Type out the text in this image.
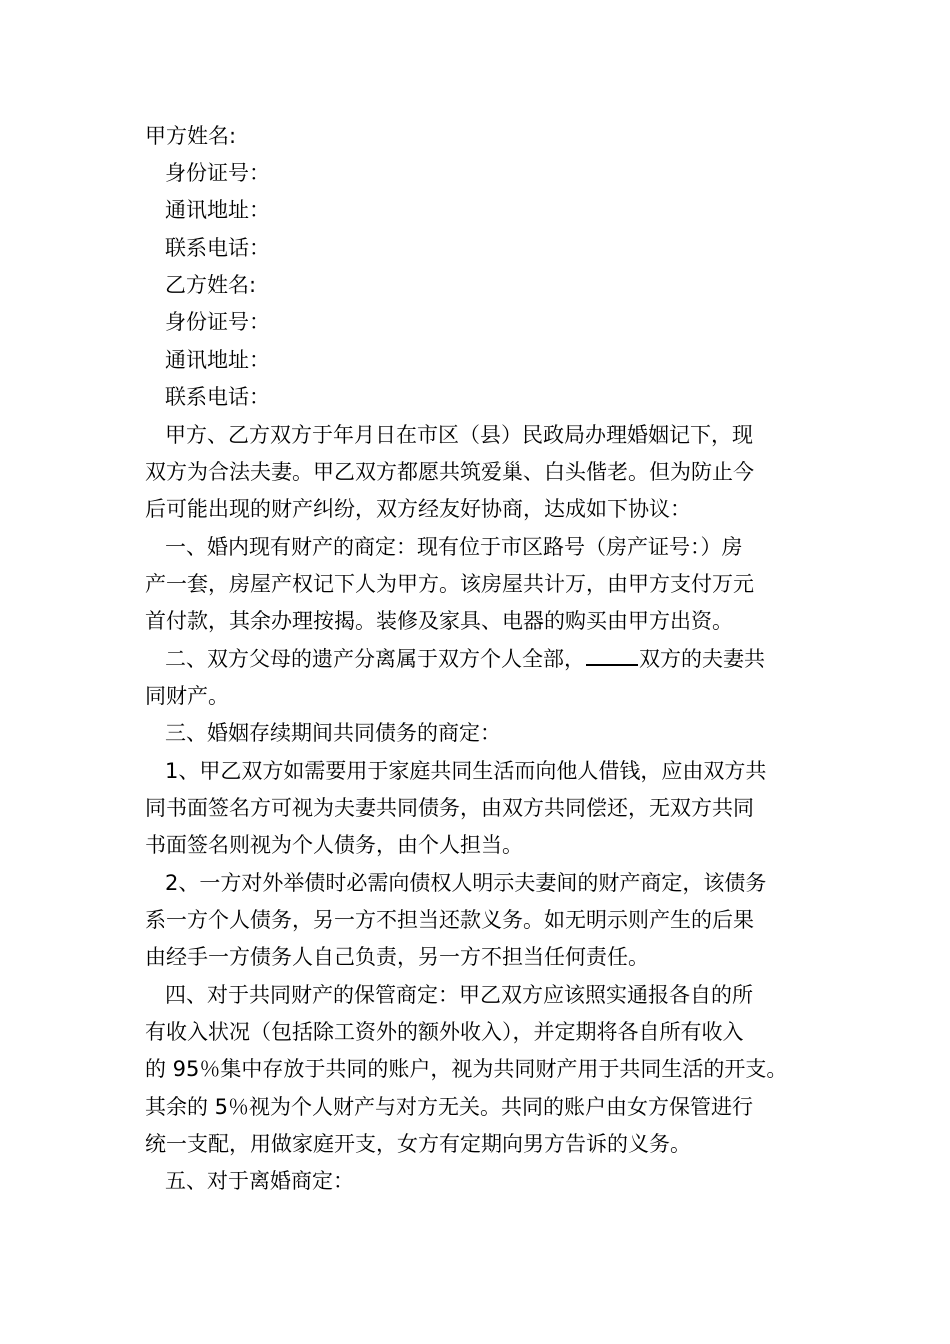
甲方姓名:
身份证号：
通讯地址：
联系电话：
乙方姓名:
身份证号：
通讯地址：
联系电话：
甲方、乙方双方于年月日在市区（县）民政局办理婚姻记下，现
双方为合法夫妻。甲乙双方都愿共筑爱巢、白头偕老。但为防止今
后可能出现的财产纠纷，双方经友好协商，达成如下协议：
一、婚内现有财产的商定：现有位于市区路号（房产证号：）房
产一套，房屋产权记下人为甲方。该房屋共计万，由甲方支付万元
首付款，其余办理按揭。装修及家具、电器的购买由甲方出资。
二、双方父母的遗产分离属于双方个人全部，	双方的夫妻共
同财产。
三、婚姻存续期间共同债务的商定：
1、甲乙双方如需要用于家庭共同生活而向他人借钱，应由双方共
同书面签名方可视为夫妻共同债务，由双方共同偿还，无双方共同
书面签名则视为个人债务，由个人担当。
2、一方对外举债时必需向债权人明示夫妻间的财产商定，该债务
系一方个人债务，另一方不担当还款义务。如无明示则产生的后果
由经手一方债务人自己负责，另一方不担当任何责任。
四、对于共同财产的保管商定：甲乙双方应该照实通报各自的所
有收入状况（包括除工资外的额外收入），并定期将各自所有收入
的 95％集中存放于共同的账户，视为共同财产用于共同生活的开支。
其余的 5％视为个人财产与对方无关。共同的账户由女方保管进行
统一支配，用做家庭开支，女方有定期向男方告诉的义务。
五、对于离婚商定：
